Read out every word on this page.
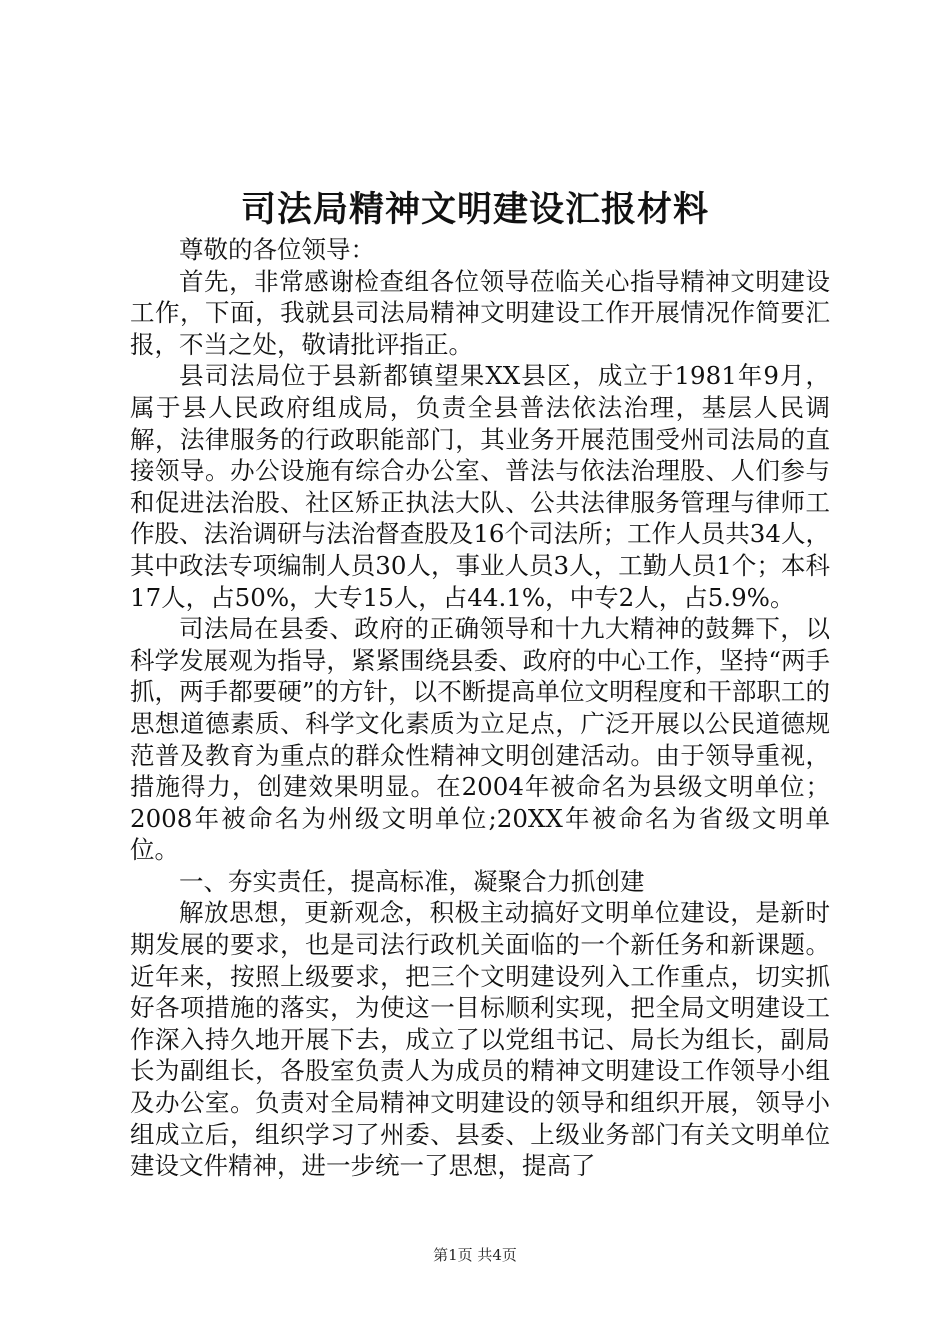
司法局精神文明建设汇报材料

尊敬的各位领导：

首先，非常感谢检查组各位领导莅临关心指导精神文明建设工作，下面，我就县司法局精神文明建设工作开展情况作简要汇报，不当之处，敬请批评指正。

县司法局位于县新都镇望果XX县区，成立于1981年9月，属于县人民政府组成局，负责全县普法依法治理，基层人民调解，法律服务的行政职能部门，其业务开展范围受州司法局的直接领导。办公设施有综合办公室、普法与依法治理股、人们参与和促进法治股、社区矫正执法大队、公共法律服务管理与律师工作股、法治调研与法治督查股及16个司法所；工作人员共34人，其中政法专项编制人员30人，事业人员3人，工勤人员1个；本科17人，占50%，大专15人，占44.1%，中专2人，占5.9%。

司法局在县委、政府的正确领导和十九大精神的鼓舞下，以科学发展观为指导，紧紧围绕县委、政府的中心工作，坚持“两手抓，两手都要硬”的方针，以不断提高单位文明程度和干部职工的思想道德素质、科学文化素质为立足点，广泛开展以公民道德规范普及教育为重点的群众性精神文明创建活动。由于领导重视，措施得力，创建效果明显。在2004年被命名为县级文明单位；2008年被命名为州级文明单位;20XX年被命名为省级文明单位。

一、夯实责任，提高标准，凝聚合力抓创建

解放思想，更新观念，积极主动搞好文明单位建设，是新时期发展的要求，也是司法行政机关面临的一个新任务和新课题。近年来，按照上级要求，把三个文明建设列入工作重点，切实抓好各项措施的落实，为使这一目标顺利实现，把全局文明建设工作深入持久地开展下去，成立了以党组书记、局长为组长，副局长为副组长，各股室负责人为成员的精神文明建设工作领导小组及办公室。负责对全局精神文明建设的领导和组织开展，领导小组成立后，组织学习了州委、县委、上级业务部门有关文明单位建设文件精神，进一步统一了思想，提高了

第1页 共4页
